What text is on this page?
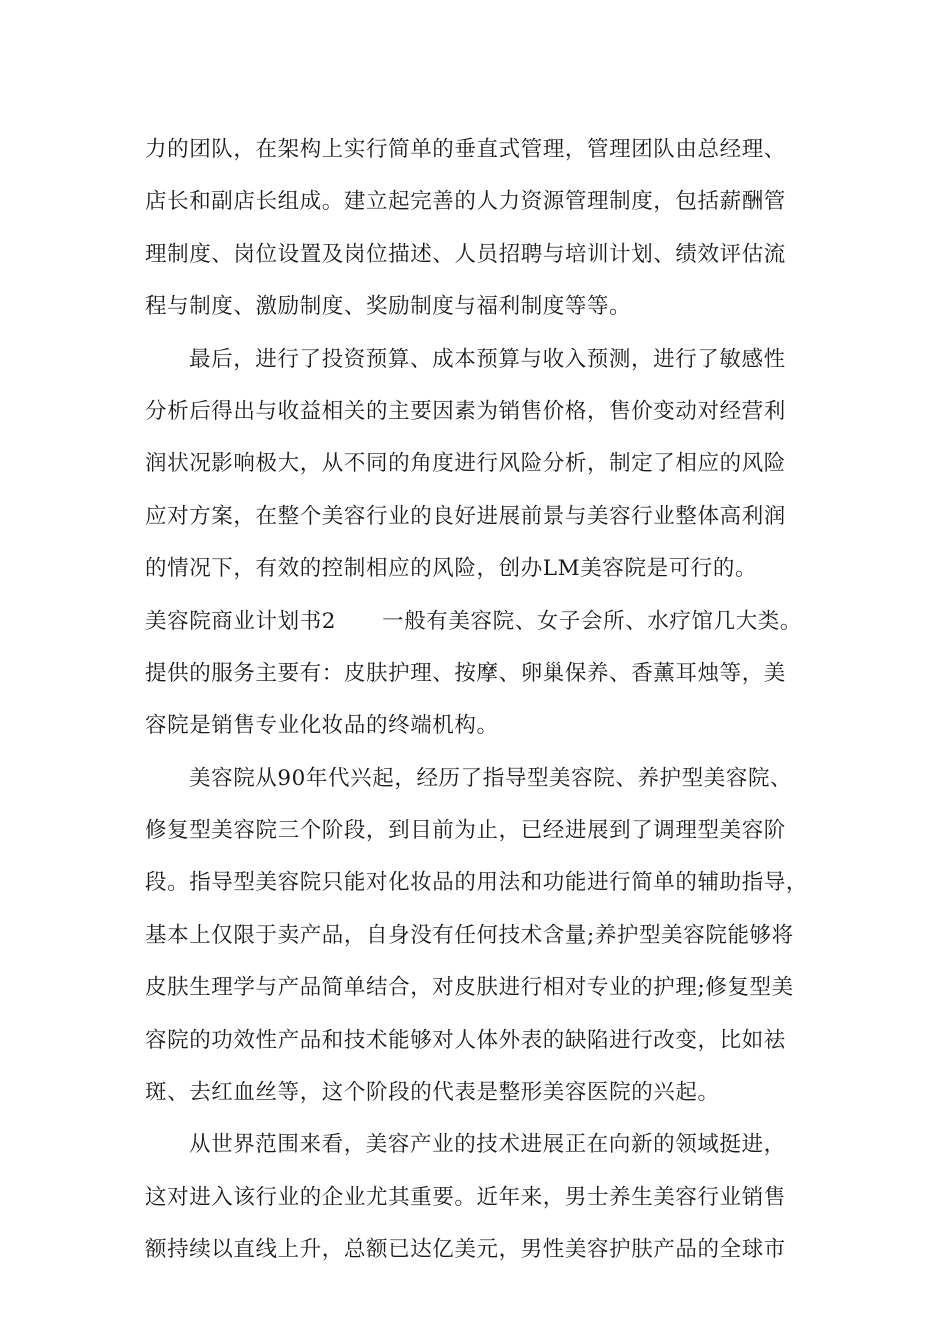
力的团队，在架构上实行简单的垂直式管理，管理团队由总经理、
店长和副店长组成。建立起完善的人力资源管理制度，包括薪酬管
理制度、岗位设置及岗位描述、人员招聘与培训计划、绩效评估流
程与制度、激励制度、奖励制度与福利制度等等。
最后，进行了投资预算、成本预算与收入预测，进行了敏感性
分析后得出与收益相关的主要因素为销售价格，售价变动对经营利
润状况影响极大，从不同的角度进行风险分析，制定了相应的风险
应对方案，在整个美容行业的良好进展前景与美容行业整体高利润
的情况下，有效的控制相应的风险，创办LM美容院是可行的。
美容院商业计划书2 一般有美容院、女子会所、水疗馆几大类。
提供的服务主要有：皮肤护理、按摩、卵巢保养、香薰耳烛等，美
容院是销售专业化妆品的终端机构。
美容院从90年代兴起，经历了指导型美容院、养护型美容院、
修复型美容院三个阶段，到目前为止，已经进展到了调理型美容阶
段。指导型美容院只能对化妆品的用法和功能进行简单的辅助指导，
基本上仅限于卖产品，自身没有任何技术含量;养护型美容院能够将
皮肤生理学与产品简单结合，对皮肤进行相对专业的护理;修复型美
容院的功效性产品和技术能够对人体外表的缺陷进行改变，比如祛
斑、去红血丝等，这个阶段的代表是整形美容医院的兴起。
从世界范围来看，美容产业的技术进展正在向新的领域挺进，
这对进入该行业的企业尤其重要。近年来，男士养生美容行业销售
额持续以直线上升，总额已达亿美元，男性美容护肤产品的全球市
